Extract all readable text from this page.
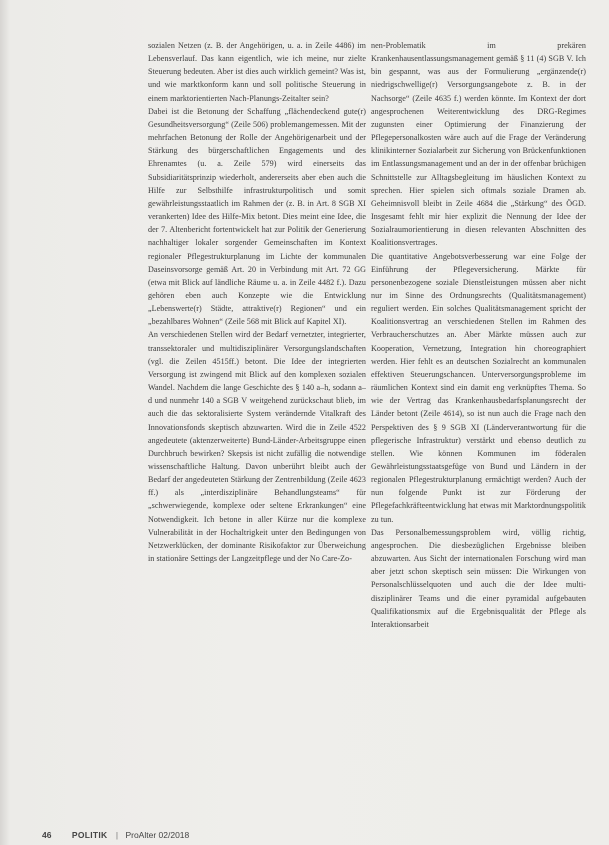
sozialen Netzen (z. B. der Angehörigen, u. a. in Zeile 4486) im Lebensverlauf. Das kann eigentlich, wie ich meine, nur zieltе Steuerung bedeuten. Aber ist dies auch wirklich gemeint? Was ist, und wie marktkonform kann und soll politische Steuerung in einem marktorientierten Nach-Planungs-Zeitalter sein?

Dabei ist die Betonung der Schaffung „flächendeckend gute(r) Gesundheitsversorgung“ (Zeile 506) problemangemessen. Mit der mehrfachen Betonung der Rolle der Angehörigenarbeit und der Stärkung des bürgerschaftlichen Engagements und des Ehrenamtes (u. a. Zeile 579) wird einerseits das Subsidiaritätsprinzip wiederholt, andererseits aber eben auch die Hilfe zur Selbsthilfe infrastrukturpolitisch und somit gewährleistungsstaatlich im Rahmen der (z. B. in Art. 8 SGB XI verankerten) Idee des Hilfe-Mix betont. Dies meint eine Idee, die der 7. Altenbericht fortentwickelt hat zur Politik der Generierung nachhaltiger lokaler sorgender Gemeinschaften im Kontext regionaler Pflegestrukturplanung im Lichte der kommunalen Daseinsvorsorge gemäß Art. 20 in Verbindung mit Art. 72 GG (etwa mit Blick auf ländliche Räume u. a. in Zeile 4482 f.). Dazu gehören eben auch Konzepte wie die Entwicklung „Lebenswerte(r) Städte, attraktive(r) Regionen“ und ein „bezahlbares Wohnen“ (Zeile 568 mit Blick auf Kapitel XI).

An verschiedenen Stellen wird der Bedarf vernetzter, integrierter, transsektoraler und multidisziplinärer Versorgungslandschaften (vgl. die Zeilen 4515ff.) betont. Die Idee der integrierten Versorgung ist zwingend mit Blick auf den komplexen sozialen Wandel. Nachdem die lange Geschichte des § 140 a–h, sodann a–d und nunmehr 140 a SGB V weitgehend zurückschaut blieb, im auch die das sektoralisierte System verändernde Vitalkraft des Innovationsfonds skeptisch abzuwarten. Wird die in Zeile 4522 angedeutete (aktenzerweiterte) Bund-Länder-Arbeitsgruppe einen Durchbruch bewirken? Skepsis ist nicht zufällig die notwendige wissenschaftliche Haltung. Davon unberührt bleibt auch der Bedarf der angedeuteten Stärkung der Zentrenbildung (Zeile 4623 ff.) als „interdisziplinäre Behandlungsteams“ für „schwerwiegende, komplexe oder seltene Erkrankungen“ eine Notwendigkeit. Ich betone in aller Kürze nur die komplexe Vulnerabilität in der Hochaltrigkeit unter den Bedingungen von Netzwerklücken, der dominante Risikofaktor zur Überweichung in stationäre Settings der Langzeitpflege und der No Care-Zo-

nen-Problematik im prekären Krankenhausentlassungsmanagement gemäß § 11 (4) SGB V. Ich bin gespannt, was aus der Formulierung „ergänzende(r) niedrigschwellige(r) Versorgungsangebote z. B. in der Nachsorge“ (Zeile 4635 f.) werden könnte. Im Kontext der dort angesprochenen Weiterentwicklung des DRG-Regimes zugunsten einer Optimierung der Finanzierung der Pflegepersonalkosten wäre auch auf die Frage der Veränderung klinikinterner Sozialarbeit zur Sicherung von Brückenfunktionen im Entlassungsmanagement und an der in der offenbar brüchigen Schnittstelle zur Alltagsbegleitung im häuslichen Kontext zu sprechen. Hier spielen sich oftmals soziale Dramen ab. Geheimnisvoll bleibt in Zeile 4684 die „Stärkung“ des ÖGD. Insgesamt fehlt mir hier explizit die Nennung der Idee der Sozialraumorientierung in diesen relevanten Abschnitten des Koalitionsvertrages.

Die quantitative Angebotsverbesserung war eine Folge der Einführung der Pflegeversicherung. Märkte für personenbezogene soziale Dienstleistungen müssen aber nicht nur im Sinne des Ordnungsrechts (Qualitätsmanagement) reguliert werden. Ein solches Qualitätsmanagement spricht der Koalitionsvertrag an verschiedenen Stellen im Rahmen des Verbraucherschutzes an. Aber Märkte müssen auch zur Kooperation, Vernetzung, Integration hin choreographiert werden. Hier fehlt es an deutschen Sozialrecht an kommunalen effektiven Steuerungschancen. Unterversorgungsprobleme im räumlichen Kontext sind ein damit eng verknüpftes Thema. So wie der Vertrag das Krankenhausbedarfsplanungsrecht der Länder betont (Zeile 4614), so ist nun auch die Frage nach den Perspektiven des § 9 SGB XI (Länderverantwortung für die pflegerische Infrastruktur) verstärkt und ebenso deutlich zu stellen. Wie können Kommunen im föderalen Gewährleistungsstaatsgefüge von Bund und Ländern in der regionalen Pflegestrukturplanung ermächtigt werden? Auch der nun folgende Punkt ist zur Förderung der Pflegefachkräfteentwicklung hat etwas mit Marktordnungspolitik zu tun.

Das Personalbemessungsproblem wird, völlig richtig, angesprochen. Die diesbezüglichen Ergebnisse bleiben abzuwarten. Aus Sicht der internationalen Forschung wird man aber jetzt schon skeptisch sein müssen: Die Wirkungen von Personalschlüsselquoten und auch die der Idee multi-disziplinärer Teams und die einer pyramidal aufgebauten Qualifikationsmix auf die Ergebnisqualität der Pflege als Interaktionsarbeit

46 POLITIK | ProAlter 02/2018
